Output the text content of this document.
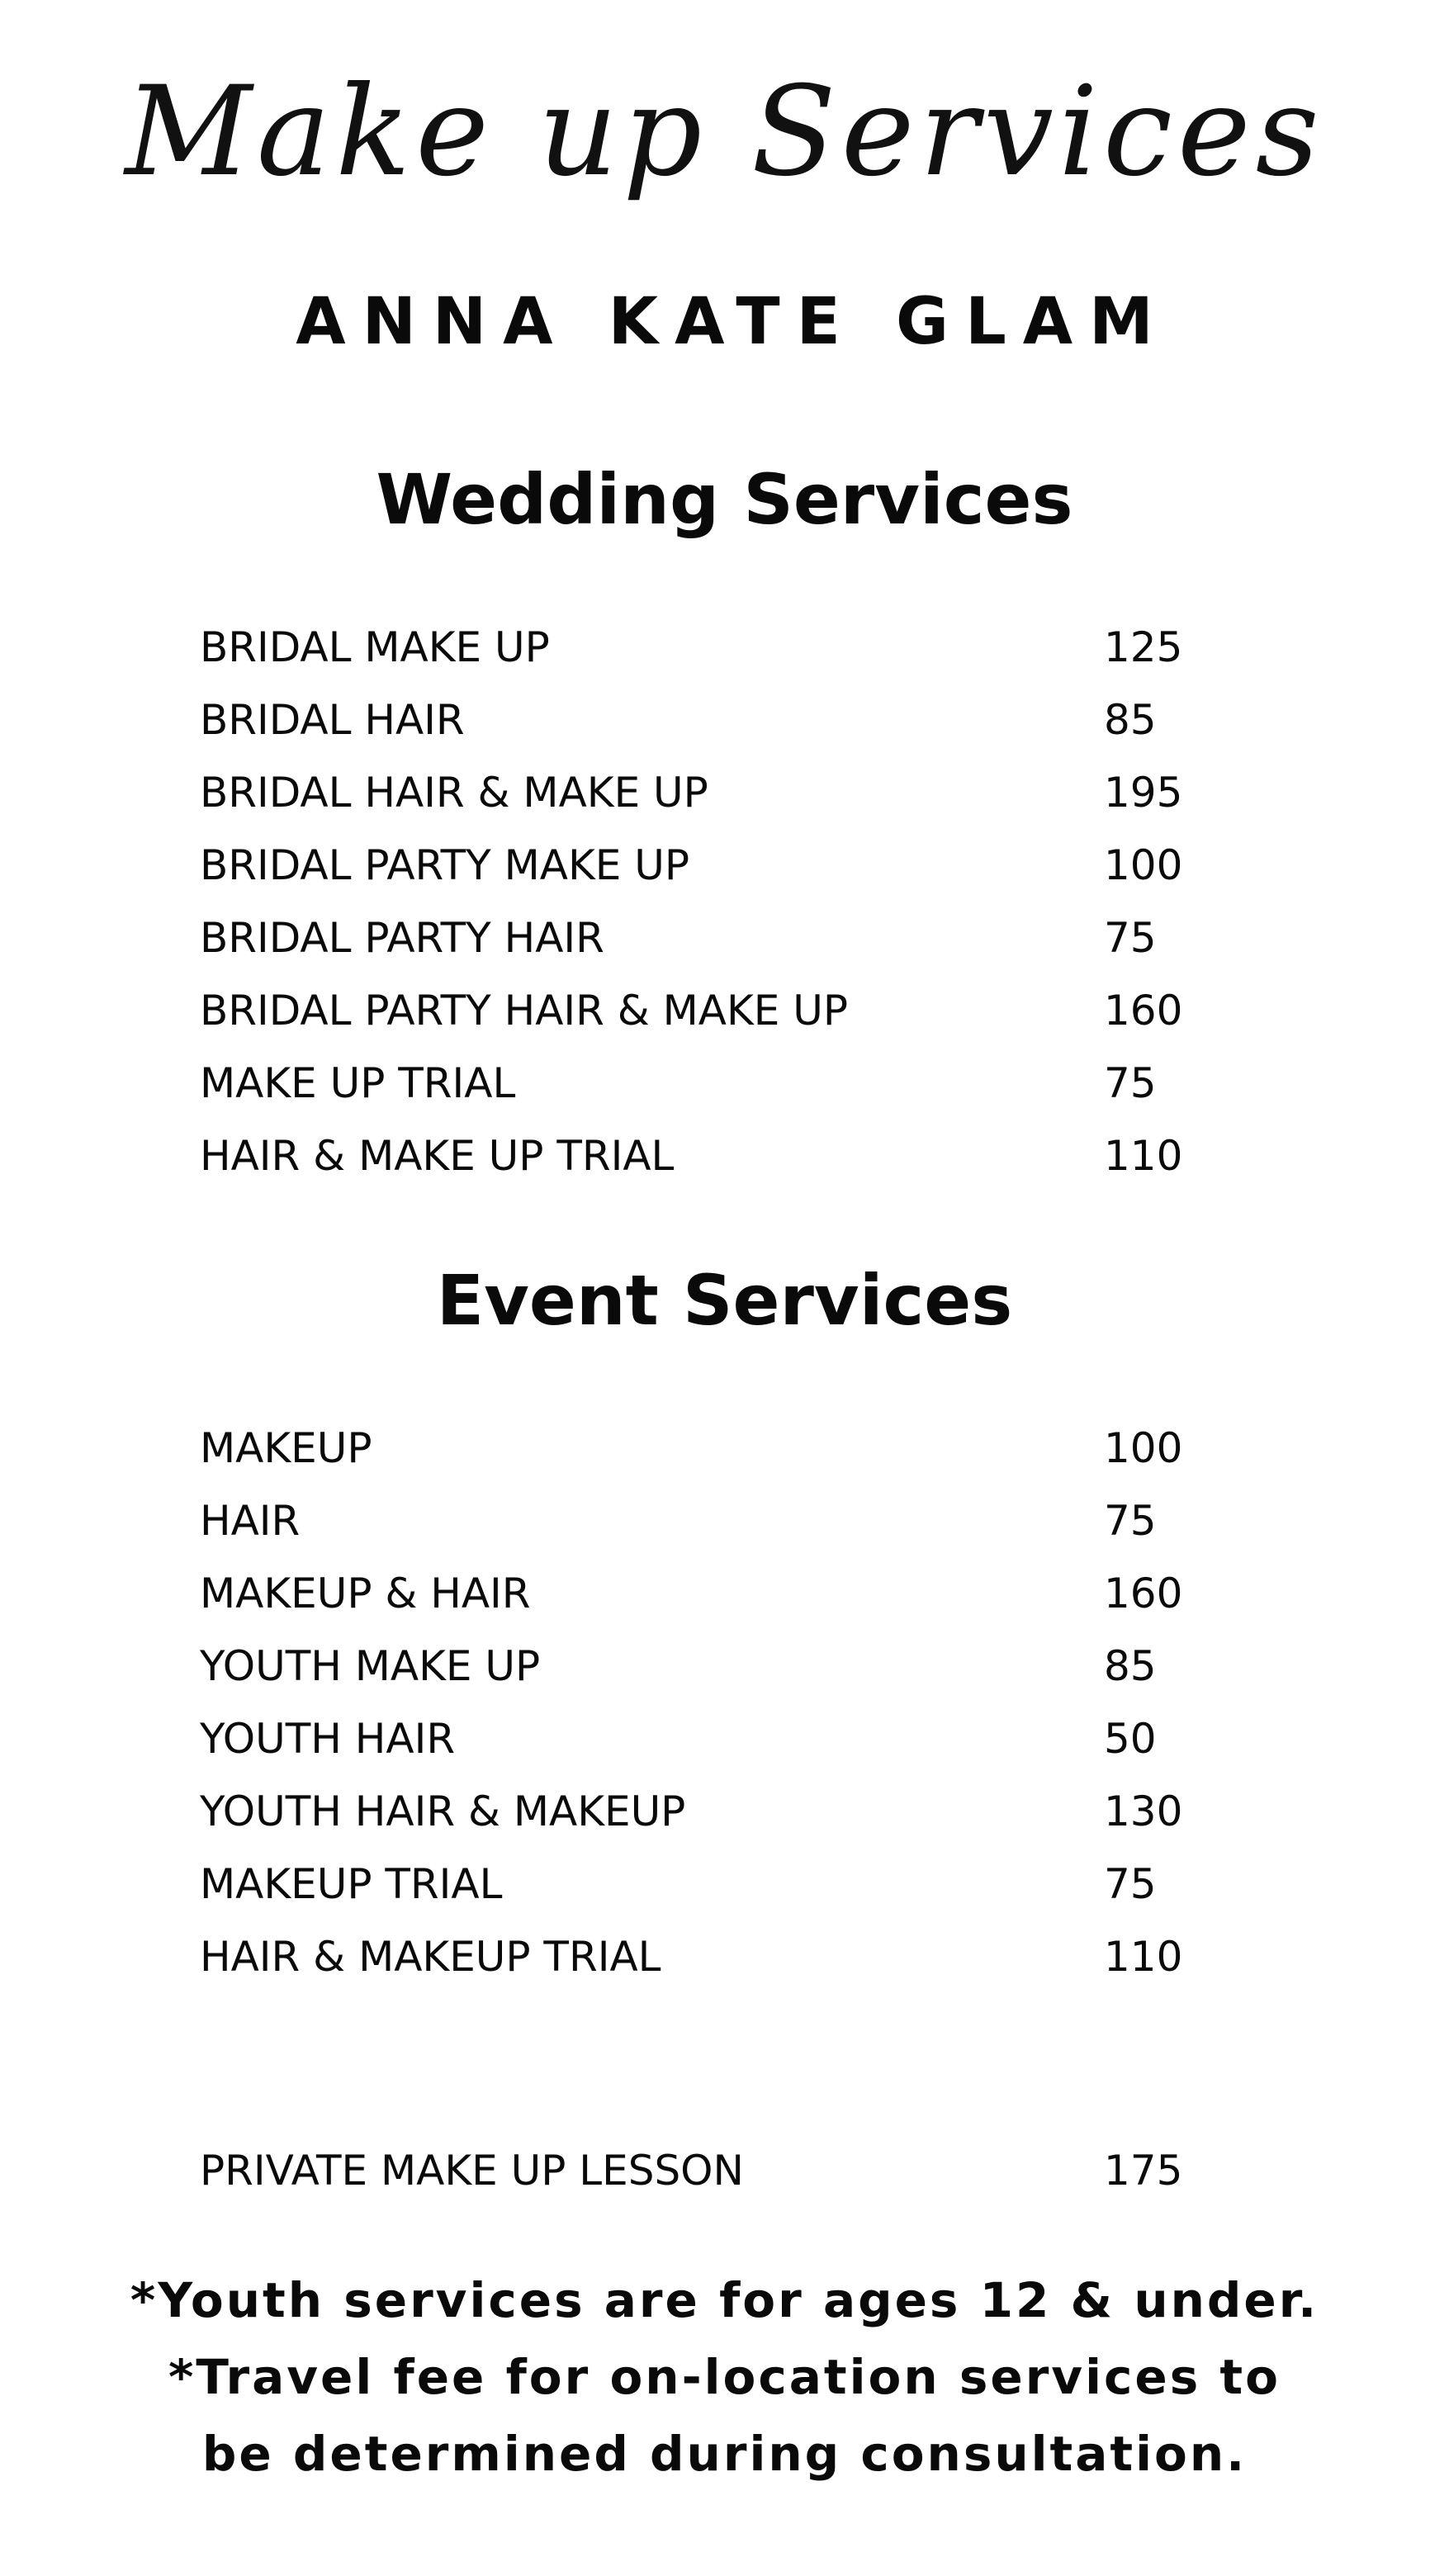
Make up Services
ANNA KATE GLAM
Wedding Services
BRIDAL MAKE UP	125
BRIDAL HAIR	85
BRIDAL HAIR & MAKE UP	195
BRIDAL PARTY MAKE UP	100
BRIDAL PARTY HAIR	75
BRIDAL PARTY HAIR & MAKE UP	160
MAKE UP TRIAL	75
HAIR & MAKE UP TRIAL	110
Event Services
MAKEUP	100
HAIR	75
MAKEUP & HAIR	160
YOUTH MAKE UP	85
YOUTH HAIR	50
YOUTH HAIR & MAKEUP	130
MAKEUP TRIAL	75
HAIR & MAKEUP TRIAL	110
PRIVATE MAKE UP LESSON	175
*Youth services are for ages 12 & under.
*Travel fee for on-location services to
be determined during consultation.
